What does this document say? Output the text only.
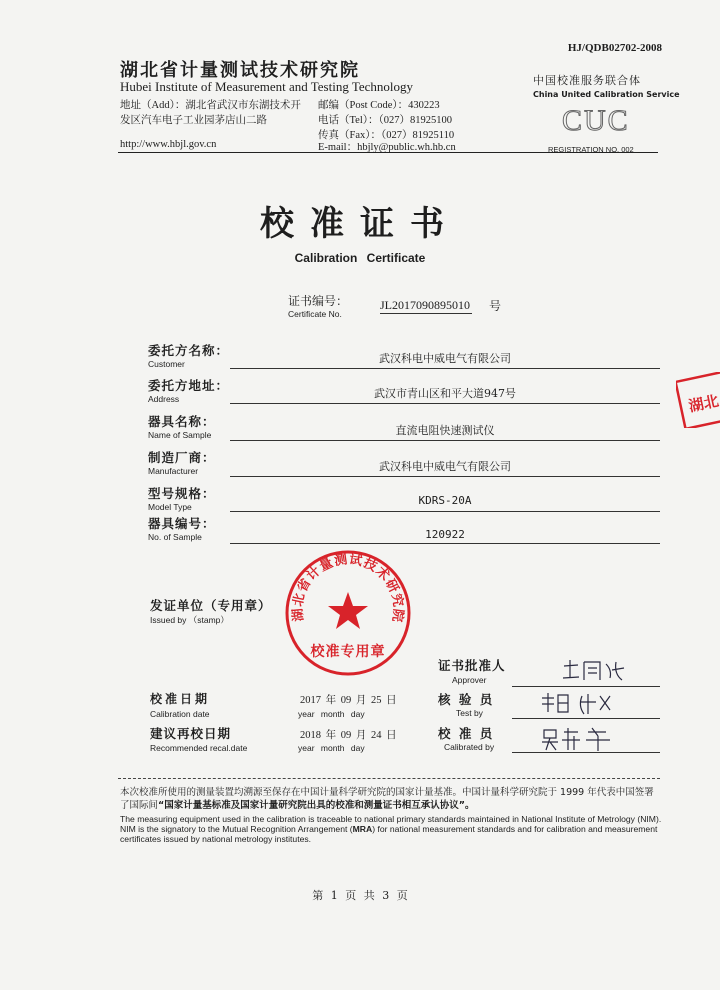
HJ/QDB02702-2008
湖北省计量测试技术研究院
Hubei Institute of Measurement and Testing Technology
地址（Add）：湖北省武汉市东湖技术开
发区汽车电子工业园茅店山二路
邮编（Post Code）：430223
电话（Tel）：（027）81925100
传真（Fax）：（027）81925110
http://www.hbjl.gov.cn	E-mail：hbjly@public.wh.hb.cn
中国校准服务联合体
China United Calibration Service
CUC
REGISTRATION NO. 002
校准证书
Calibration Certificate
证书编号：
Certificate No.
JL2017090895010 号
委托方名称：
Customer	武汉科电中威电气有限公司
委托方地址：
Address	武汉市青山区和平大道947号
器具名称：
Name of Sample	直流电阻快速测试仪
制造厂商：
Manufacturer	武汉科电中威电气有限公司
型号规格：
Model Type	KDRS-20A
器具编号：
No. of Sample	120922
发证单位（专用章）
Issued by （stamp）	湖北省计量测试技术研究院
校准专用章
证书批准人
Approver
校准日期
Calibration date
2017 年 09 月 25 日
year month day
核 验 员
Test by
建议再校日期
Recommended recal.date
2018 年 09 月 24 日
year month day
校 准 员
Calibrated by
本次校准所使用的测量装置均溯源至保存在中国计量科学研究院的国家计量基准。中国计量科学研究院于 1999 年代表中国签署了国际间“国家计量基标准及国家计量研究院出具的校准和测量证书相互承认协议”。
The measuring equipment used in the calibration is traceable to national primary standards maintained in National Institute of Metrology (NIM). NIM is the signatory to the Mutual Recognition Arrangement (MRA) for national measurement standards and for calibration and measurement certificates issued by national metrology institutes.
第 1 页 共 3 页
湖北
